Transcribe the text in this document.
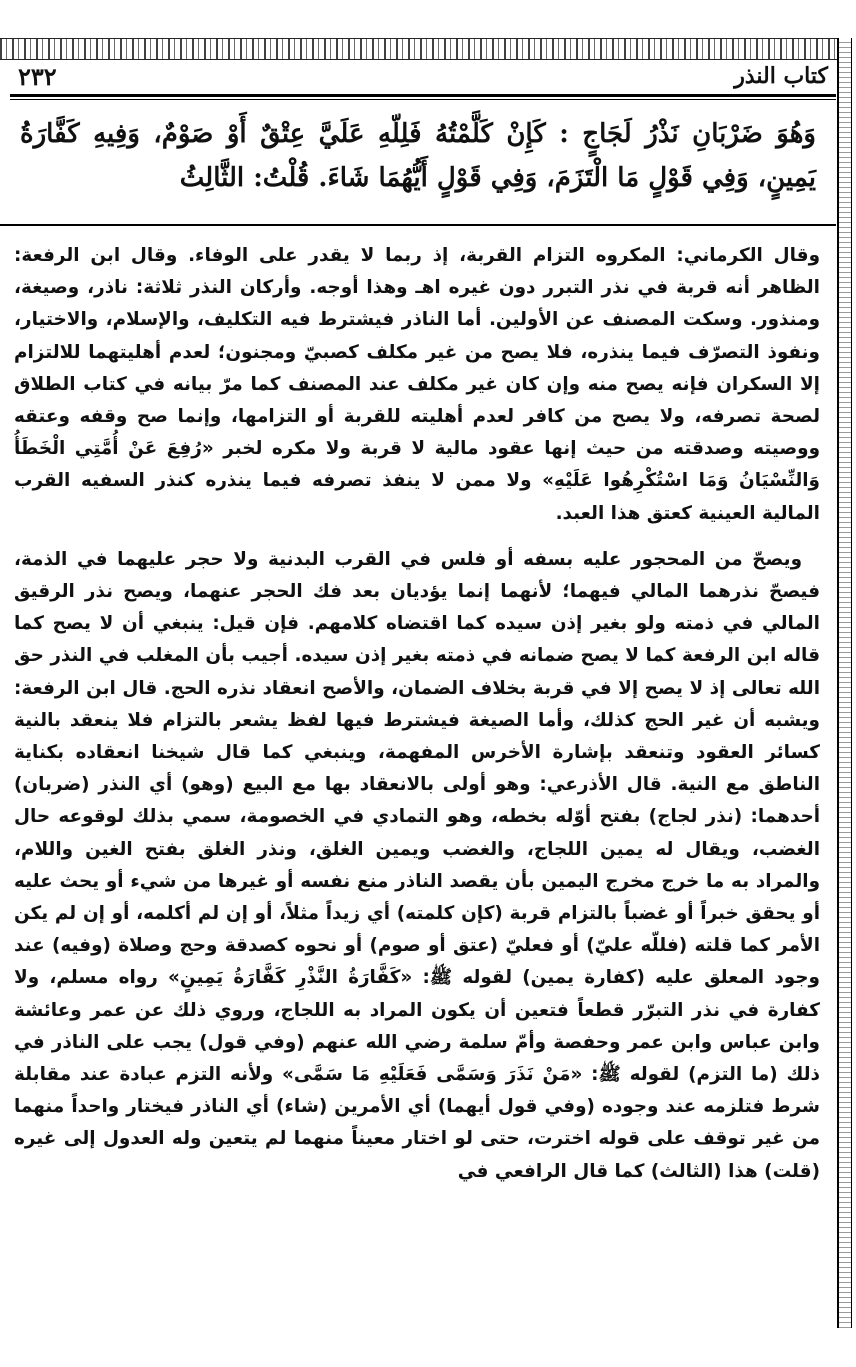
٢٣٢	كتاب النذر

وَهُوَ ضَرْبَانِ نَذْرُ لَجَاجٍ : كَإِنْ كَلَّمْتُهُ فَلِلّهِ عَلَيَّ عِتْقٌ أَوْ صَوْمٌ، وَفِيهِ كَفَّارَةُ يَمِينٍ، وَفِي قَوْلٍ مَا الْتَزَمَ، وَفِي قَوْلٍ أَيُّهُمَا شَاءَ. قُلْتُ: الثَّالِثُ

وقال الكرماني: المكروه التزام القربة، إذ ربما لا يقدر على الوفاء. وقال ابن الرفعة: الظاهر أنه قربة في نذر التبرر دون غيره اهـ وهذا أوجه. وأركان النذر ثلاثة: ناذر، وصيغة، ومنذور. وسكت المصنف عن الأولين. أما الناذر فيشترط فيه التكليف، والإسلام، والاختيار، ونفوذ التصرّف فيما ينذره، فلا يصح من غير مكلف كصبيّ ومجنون؛ لعدم أهليتهما للالتزام إلا السكران فإنه يصح منه وإن كان غير مكلف عند المصنف كما مرّ بيانه في كتاب الطلاق لصحة تصرفه، ولا يصح من كافر لعدم أهليته للقربة أو التزامها، وإنما صح وقفه وعتقه ووصيته وصدقته من حيث إنها عقود مالية لا قربة ولا مكره لخبر «رُفِعَ عَنْ أُمَّتِي الْخَطَأُ وَالنِّسْيَانُ وَمَا اسْتُكْرِهُوا عَلَيْهِ» ولا ممن لا ينفذ تصرفه فيما ينذره كنذر السفيه القرب المالية العينية كعتق هذا العبد.

ويصحّ من المحجور عليه بسفه أو فلس في القرب البدنية ولا حجر عليهما في الذمة، فيصحّ نذرهما المالي فيهما؛ لأنهما إنما يؤديان بعد فك الحجر عنهما، ويصح نذر الرقيق المالي في ذمته ولو بغير إذن سيده كما اقتضاه كلامهم. فإن قيل: ينبغي أن لا يصح كما قاله ابن الرفعة كما لا يصح ضمانه في ذمته بغير إذن سيده. أجيب بأن المغلب في النذر حق الله تعالى إذ لا يصح إلا في قربة بخلاف الضمان، والأصح انعقاد نذره الحج. قال ابن الرفعة: ويشبه أن غير الحج كذلك، وأما الصيغة فيشترط فيها لفظ يشعر بالتزام فلا ينعقد بالنية كسائر العقود وتنعقد بإشارة الأخرس المفهمة، وينبغي كما قال شيخنا انعقاده بكناية الناطق مع النية. قال الأذرعي: وهو أولى بالانعقاد بها مع البيع (وهو) أي النذر (ضربان) أحدهما: (نذر لجاج) بفتح أوّله بخطه، وهو التمادي في الخصومة، سمي بذلك لوقوعه حال الغضب، ويقال له يمين اللجاج، والغضب ويمين الغلق، ونذر الغلق بفتح الغين واللام، والمراد به ما خرج مخرج اليمين بأن يقصد الناذر منع نفسه أو غيرها من شيء أو يحث عليه أو يحقق خبراً أو غضباً بالتزام قربة (كإن كلمته) أي زيداً مثلاً، أو إن لم أكلمه، أو إن لم يكن الأمر كما قلته (فللّه عليّ) أو فعليّ (عتق أو صوم) أو نحوه كصدقة وحج وصلاة (وفيه) عند وجود المعلق عليه (كفارة يمين) لقوله ﷺ: «كَفَّارَةُ النَّذْرِ كَفَّارَةُ يَمِينٍ» رواه مسلم، ولا كفارة في نذر التبرّر قطعاً فتعين أن يكون المراد به اللجاج، وروي ذلك عن عمر وعائشة وابن عباس وابن عمر وحفصة وأمّ سلمة رضي الله عنهم (وفي قول) يجب على الناذر في ذلك (ما التزم) لقوله ﷺ: «مَنْ نَذَرَ وَسَمَّى فَعَلَيْهِ مَا سَمَّى» ولأنه التزم عبادة عند مقابلة شرط فتلزمه عند وجوده (وفي قول أيهما) أي الأمرين (شاء) أي الناذر فيختار واحداً منهما من غير توقف على قوله اخترت، حتى لو اختار معيناً منهما لم يتعين وله العدول إلى غيره (قلت) هذا (الثالث) كما قال الرافعي في
